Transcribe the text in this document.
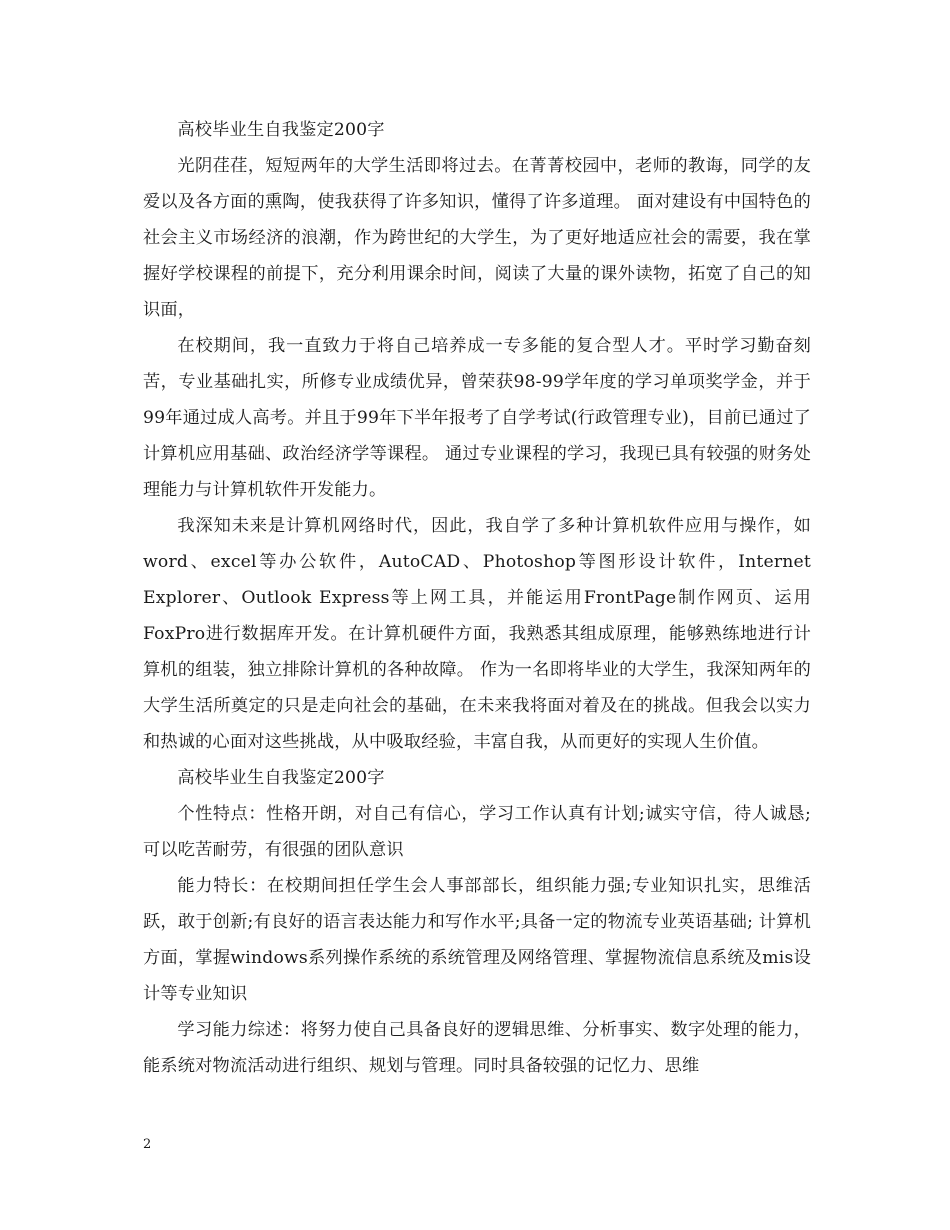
高校毕业生自我鉴定200字

光阴荏荏，短短两年的大学生活即将过去。在菁菁校园中，老师的教诲，同学的友爱以及各方面的熏陶，使我获得了许多知识，懂得了许多道理。 面对建设有中国特色的社会主义市场经济的浪潮，作为跨世纪的大学生，为了更好地适应社会的需要，我在掌握好学校课程的前提下，充分利用课余时间，阅读了大量的课外读物，拓宽了自己的知识面，

在校期间，我一直致力于将自己培养成一专多能的复合型人才。平时学习勤奋刻苦，专业基础扎实，所修专业成绩优异，曾荣获98-99学年度的学习单项奖学金，并于99年通过成人高考。并且于99年下半年报考了自学考试(行政管理专业)，目前已通过了计算机应用基础、政治经济学等课程。 通过专业课程的学习，我现已具有较强的财务处理能力与计算机软件开发能力。

我深知未来是计算机网络时代，因此，我自学了多种计算机软件应用与操作，如word、excel等办公软件，AutoCAD、Photoshop等图形设计软件，Internet Explorer、Outlook Express等上网工具，并能运用FrontPage制作网页、运用FoxPro进行数据库开发。在计算机硬件方面，我熟悉其组成原理，能够熟练地进行计算机的组装，独立排除计算机的各种故障。 作为一名即将毕业的大学生，我深知两年的大学生活所奠定的只是走向社会的基础，在未来我将面对着及在的挑战。但我会以实力和热诚的心面对这些挑战，从中吸取经验，丰富自我，从而更好的实现人生价值。

高校毕业生自我鉴定200字

个性特点：性格开朗，对自己有信心，学习工作认真有计划;诚实守信，待人诚恳;可以吃苦耐劳，有很强的团队意识

能力特长：在校期间担任学生会人事部部长，组织能力强;专业知识扎实，思维活跃，敢于创新;有良好的语言表达能力和写作水平;具备一定的物流专业英语基础; 计算机方面，掌握windows系列操作系统的系统管理及网络管理、掌握物流信息系统及mis设计等专业知识

学习能力综述：将努力使自己具备良好的逻辑思维、分析事实、数字处理的能力，能系统对物流活动进行组织、规划与管理。同时具备较强的记忆力、思维

2
